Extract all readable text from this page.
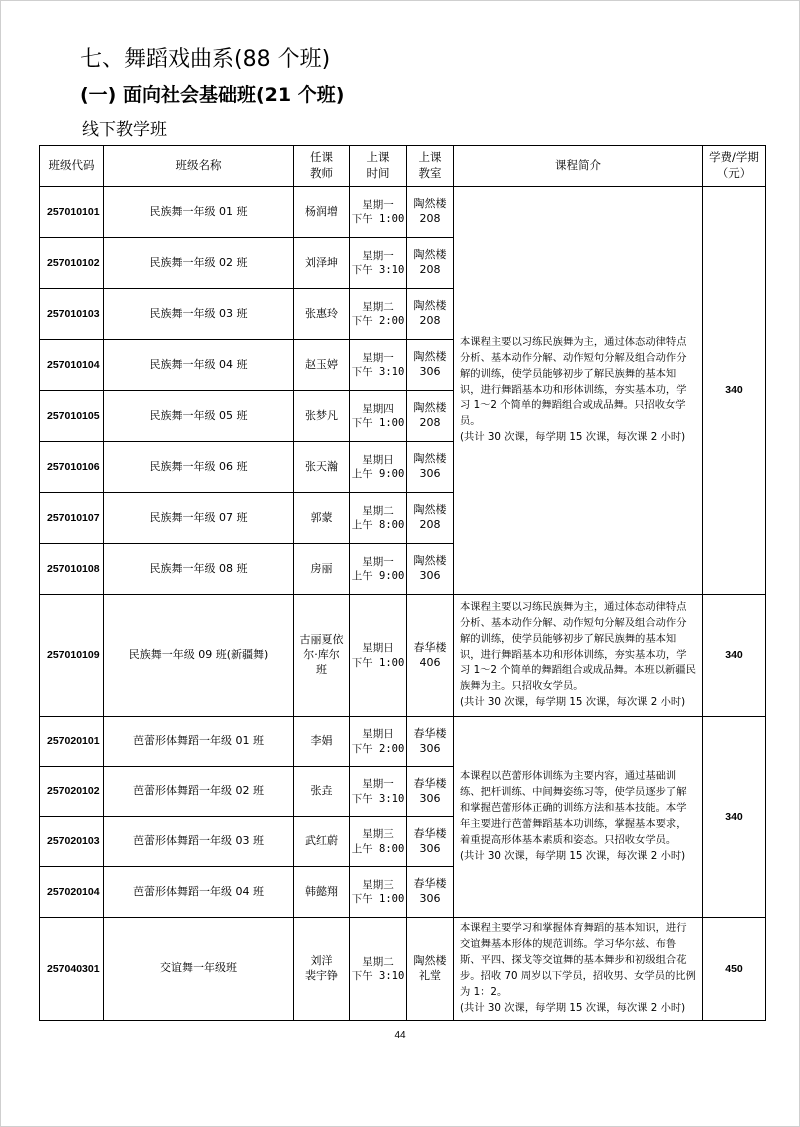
七、舞蹈戏曲系(88 个班)
(一) 面向社会基础班(21 个班)
线下教学班
班级代码	班级名称	任课
教师	上课
时间	上课
教室	课程简介	学费/学期
（元）
257010101	民族舞一年级 01 班	杨润增	星期一
下午 1:00	陶然楼
208	本课程主要以习练民族舞为主，通过体态动律特点分析、基本动作分解、动作短句分解及组合动作分解的训练，使学员能够初步了解民族舞的基本知识，进行舞蹈基本功和形体训练，夯实基本功，学习 1～2 个简单的舞蹈组合或成品舞。只招收女学员。
(共计 30 次课，每学期 15 次课，每次课 2 小时)	340
257010102	民族舞一年级 02 班	刘泽坤	星期一
下午 3:10	陶然楼
208		
257010103	民族舞一年级 03 班	张惠玲	星期二
下午 2:00	陶然楼
208		
257010104	民族舞一年级 04 班	赵玉婷	星期一
下午 3:10	陶然楼
306		
257010105	民族舞一年级 05 班	张梦凡	星期四
下午 1:00	陶然楼
208		
257010106	民族舞一年级 06 班	张天瀚	星期日
上午 9:00	陶然楼
306		
257010107	民族舞一年级 07 班	郭蒙	星期二
上午 8:00	陶然楼
208		
257010108	民族舞一年级 08 班	房丽	星期一
上午 9:00	陶然楼
306		
257010109	民族舞一年级 09 班(新疆舞)	古丽夏依
尔·库尔
班	星期日
下午 1:00	春华楼
406	本课程主要以习练民族舞为主，通过体态动律特点分析、基本动作分解、动作短句分解及组合动作分解的训练，使学员能够初步了解民族舞的基本知识，进行舞蹈基本功和形体训练，夯实基本功，学习 1～2 个简单的舞蹈组合或成品舞。本班以新疆民族舞为主。只招收女学员。
(共计 30 次课，每学期 15 次课，每次课 2 小时)	340
257020101	芭蕾形体舞蹈一年级 01 班	李娟	星期日
下午 2:00	春华楼
306	本课程以芭蕾形体训练为主要内容，通过基础训练、把杆训练、中间舞姿练习等，使学员逐步了解和掌握芭蕾形体正确的训练方法和基本技能。本学年主要进行芭蕾舞蹈基本功训练，掌握基本要求，着重提高形体基本素质和姿态。只招收女学员。
(共计 30 次课，每学期 15 次课，每次课 2 小时)	340
257020102	芭蕾形体舞蹈一年级 02 班	张垚	星期一
下午 3:10	春华楼
306		
257020103	芭蕾形体舞蹈一年级 03 班	武红蔚	星期三
上午 8:00	春华楼
306		
257020104	芭蕾形体舞蹈一年级 04 班	韩懿翔	星期三
下午 1:00	春华楼
306		
257040301	交谊舞一年级班	刘洋
裴宇铮	星期二
下午 3:10	陶然楼
礼堂	本课程主要学习和掌握体育舞蹈的基本知识，进行交谊舞基本形体的规范训练。学习华尔兹、布鲁斯、平四、探戈等交谊舞的基本舞步和初级组合花步。招收 70 周岁以下学员，招收男、女学员的比例为 1：2。
(共计 30 次课，每学期 15 次课，每次课 2 小时)	450
44
